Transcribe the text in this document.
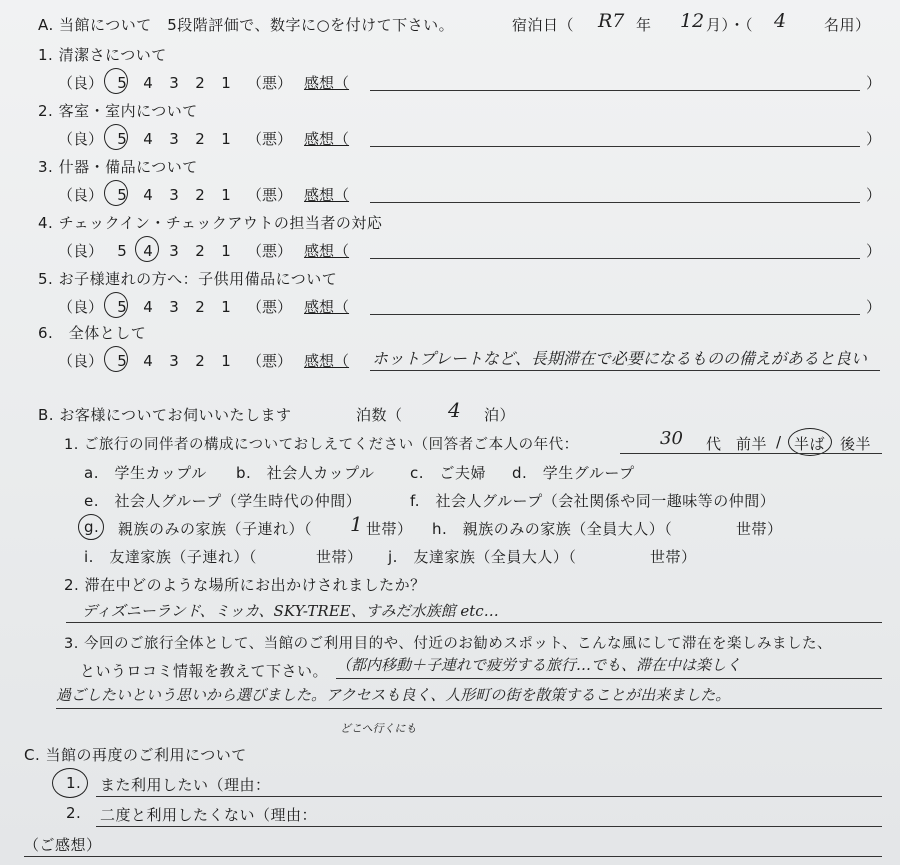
A. 当館について　5段階評価で、数字に○を付けて下さい。	宿泊日（ R7 年 12 月）・（ 4	名用）
1. 清潔さについて
（良） 5 4 3 2 1 （悪） 感想（	）
2. 客室・室内について
（良） 5 4 3 2 1 （悪） 感想（	）
3. 什器・備品について
（良） 5 4 3 2 1 （悪） 感想（	）
4. チェックイン・チェックアウトの担当者の対応
（良） 5 4 3 2 1 （悪） 感想（	）
5. お子様連れの方へ：子供用備品について
（良） 5 4 3 2 1 （悪） 感想（	）
6.　全体として
（良） 5 4 3 2 1 （悪） 感想（ ホットプレートなど、長期滞在で必要になるものの備えがあると良い
B. お客様についてお伺いいたします	泊数（ 4 泊）
1. ご旅行の同伴者の構成についておしえてください（回答者ご本人の年代：	30 代 前半 / 半ば 後半
a.　学生カップル b.　社会人カップル c.　ご夫婦 d.　学生グループ
e.　社会人グループ（学生時代の仲間）	f.　社会人グループ（会社関係や同一趣味等の仲間）
g. 親族のみの家族（子連れ）（ 1 世帯） h.　親族のみの家族（全員大人）（	世帯）
i.　友達家族（子連れ）（	世帯） j.　友達家族（全員大人）（	世帯）
2. 滞在中どのような場所にお出かけされましたか？
ディズニーランド、ミッカ、SKY-TREE、すみだ水族館 etc…
3. 今回のご旅行全体として、当館のご利用目的や、付近のお勧めスポット、こんな風にして滞在を楽しみました、
というロコミ情報を教えて下さい。 （都内移動＋子連れで疲労する旅行…でも、滞在中は楽しく
過ごしたいという思いから選びました。アクセスも良く、人形町の街を散策することが出来ました。
どこへ行くにも
C. 当館の再度のご利用について
1. また利用したい（理由：
2. 二度と利用したくない（理由：
（ご感想）
